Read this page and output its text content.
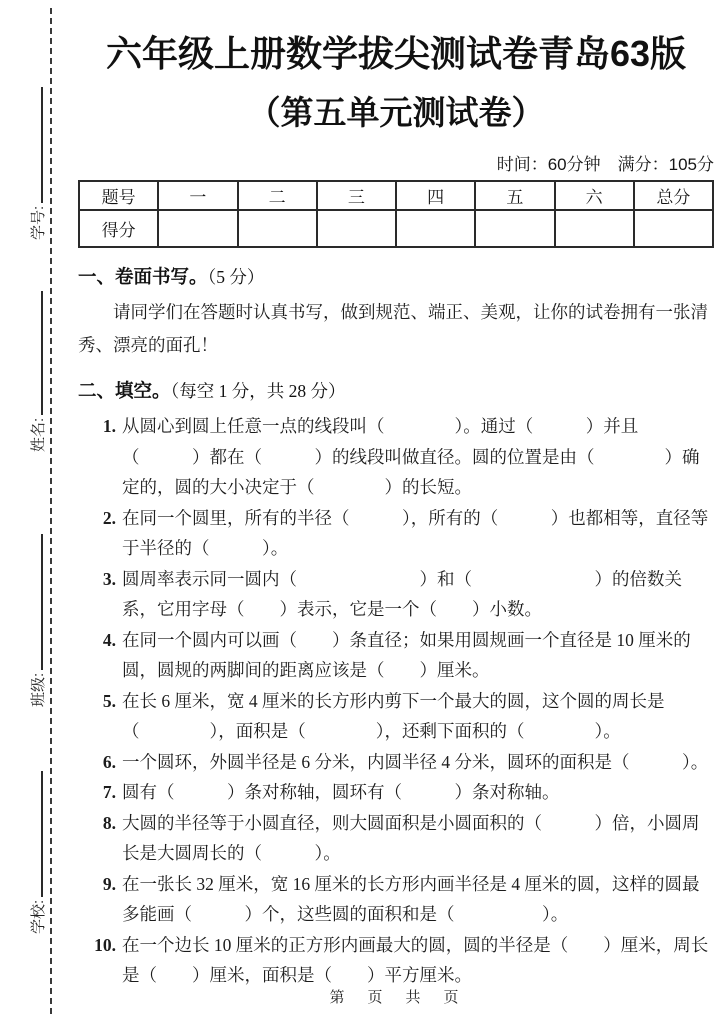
学号:
姓名:
班级:
学校:
六年级上册数学拔尖测试卷青岛63版
（第五单元测试卷）
时间：60分钟　满分：105分
题号	一	二	三	四	五	六	总分
得分							
一、卷面书写。（5 分）
请同学们在答题时认真书写，做到规范、端正、美观，让你的试卷拥有一张清秀、漂亮的面孔！
二、填空。（每空 1 分，共 28 分）
1. 从圆心到圆上任意一点的线段叫（　　　　）。通过（　　　）并且（　　　）都在（　　　）的线段叫做直径。圆的位置是由（　　　　）确定的，圆的大小决定于（　　　　）的长短。
2. 在同一个圆里，所有的半径（　　　），所有的（　　　）也都相等，直径等于半径的（　　　）。
3. 圆周率表示同一圆内（　　　　　　　）和（　　　　　　　）的倍数关系，它用字母（　　）表示，它是一个（　　）小数。
4. 在同一个圆内可以画（　　）条直径；如果用圆规画一个直径是 10 厘米的圆，圆规的两脚间的距离应该是（　　）厘米。
5. 在长 6 厘米，宽 4 厘米的长方形内剪下一个最大的圆，这个圆的周长是（　　　　），面积是（　　　　），还剩下面积的（　　　　）。
6. 一个圆环，外圆半径是 6 分米，内圆半径 4 分米，圆环的面积是（　　　）。
7. 圆有（　　　）条对称轴，圆环有（　　　）条对称轴。
8. 大圆的半径等于小圆直径，则大圆面积是小圆面积的（　　　）倍，小圆周长是大圆周长的（　　　）。
9. 在一张长 32 厘米，宽 16 厘米的长方形内画半径是 4 厘米的圆，这样的圆最多能画（　　　）个，这些圆的面积和是（　　　　　）。
10. 在一个边长 10 厘米的正方形内画最大的圆，圆的半径是（　　）厘米，周长是（　　）厘米，面积是（　　）平方厘米。
第　页　共　页
